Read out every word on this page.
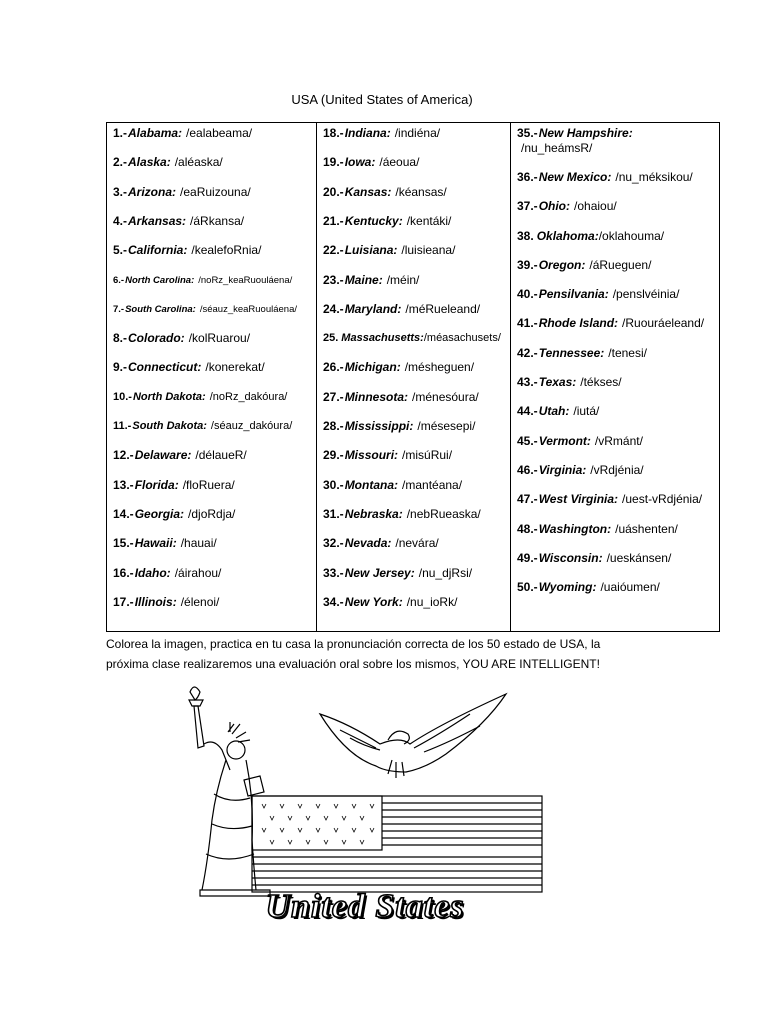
USA (United States of America)
1.-Alabama: /ealabeama/
2.-Alaska: /aléaska/
3.-Arizona: /eaRuizouna/
4.-Arkansas: /áRkansa/
5.-California: /kealefoRnia/
6.-North Carolina: /noRz_keaRuouláena/
7.-South Carolina: /séauz_keaRuouláena/
8.-Colorado: /kolRuarou/
9.-Connecticut: /konerekat/
10.-North Dakota: /noRz_dakóura/
11.-South Dakota: /séauz_dakóura/
12.-Delaware: /délaueR/
13.-Florida: /floRuera/
14.-Georgia: /djoRdja/
15.-Hawaii: /hauai/
16.-Idaho: /áirahou/
17.-Illinois: /élenoi/
18.-Indiana: /indiéna/
19.-Iowa: /áeoua/
20.-Kansas: /kéansas/
21.-Kentucky: /kentáki/
22.-Luisiana: /luisieana/
23.-Maine: /méin/
24.-Maryland: /méRueleand/
25. Massachusetts:/méasachusets/
26.-Michigan: /mésheguen/
27.-Minnesota: /ménesóura/
28.-Mississippi: /mésesepi/
29.-Missouri: /misúRui/
30.-Montana: /mantéana/
31.-Nebraska: /nebRueaska/
32.-Nevada: /nevára/
33.-New Jersey: /nu_djRsi/
34.-New York: /nu_ioRk/
35.-New Hampshire:
/nu_heámsR/
36.-New Mexico: /nu_méksikou/
37.-Ohio: /ohaiou/
38. Oklahoma:/oklahouma/
39.-Oregon: /áRueguen/
40.-Pensilvania: /penslvéinia/
41.-Rhode Island: /Ruouráeleand/
42.-Tennessee: /tenesi/
43.-Texas: /tékses/
44.-Utah: /iutá/
45.-Vermont: /vRmánt/
46.-Virginia: /vRdjénia/
47.-West Virginia: /uest-vRdjénia/
48.-Washington: /uáshenten/
49.-Wisconsin: /ueskánsen/
50.-Wyoming: /uaióumen/
Colorea la imagen, practica en tu casa la pronunciación correcta de los 50 estado de USA, la
próxima clase realizaremos una evaluación oral sobre los mismos, YOU ARE INTELLIGENT!
United States
